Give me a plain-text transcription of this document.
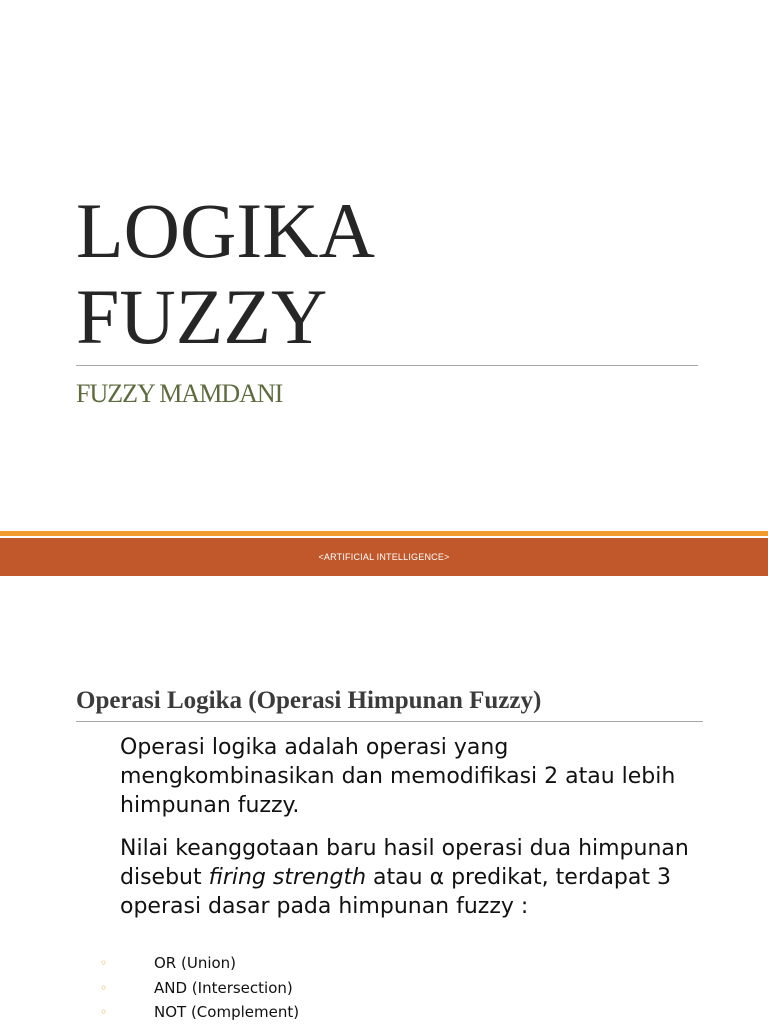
LOGIKA
FUZZY
FUZZY MAMDANI
<ARTIFICIAL INTELLIGENCE>
Operasi Logika (Operasi Himpunan Fuzzy)

Operasi logika adalah operasi yang mengkombinasikan dan memodifikasi 2 atau lebih himpunan fuzzy.

Nilai keanggotaan baru hasil operasi dua himpunan disebut firing strength atau α predikat, terdapat 3 operasi dasar pada himpunan fuzzy :

◦	OR (Union)
◦	AND (Intersection)
◦	NOT (Complement)
